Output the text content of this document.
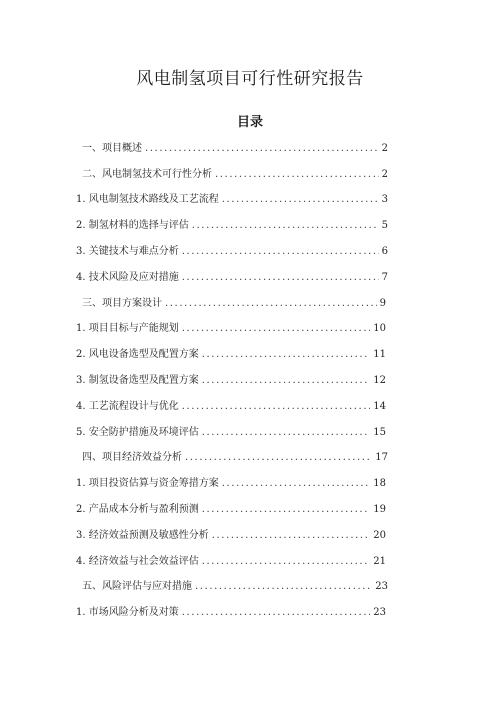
风电制氢项目可行性研究报告
目录
一、项目概述 .....	2
二、风电制氢技术可行性分析 .....	2
1. 风电制氢技术路线及工艺流程 .....	3
2. 制氢材料的选择与评估 .....	5
3. 关键技术与难点分析 .....	6
4. 技术风险及应对措施 .....	7
三、项目方案设计 .....	9
1. 项目目标与产能规划 .....	10
2. 风电设备选型及配置方案 .....	11
3. 制氢设备选型及配置方案 .....	12
4. 工艺流程设计与优化 .....	14
5. 安全防护措施及环境评估 .....	15
四、项目经济效益分析 .....	17
1. 项目投资估算与资金筹措方案 .....	18
2. 产品成本分析与盈利预测 .....	19
3. 经济效益预测及敏感性分析 .....	20
4. 经济效益与社会效益评估 .....	21
五、风险评估与应对措施 .....	23
1. 市场风险分析及对策 .....	23
